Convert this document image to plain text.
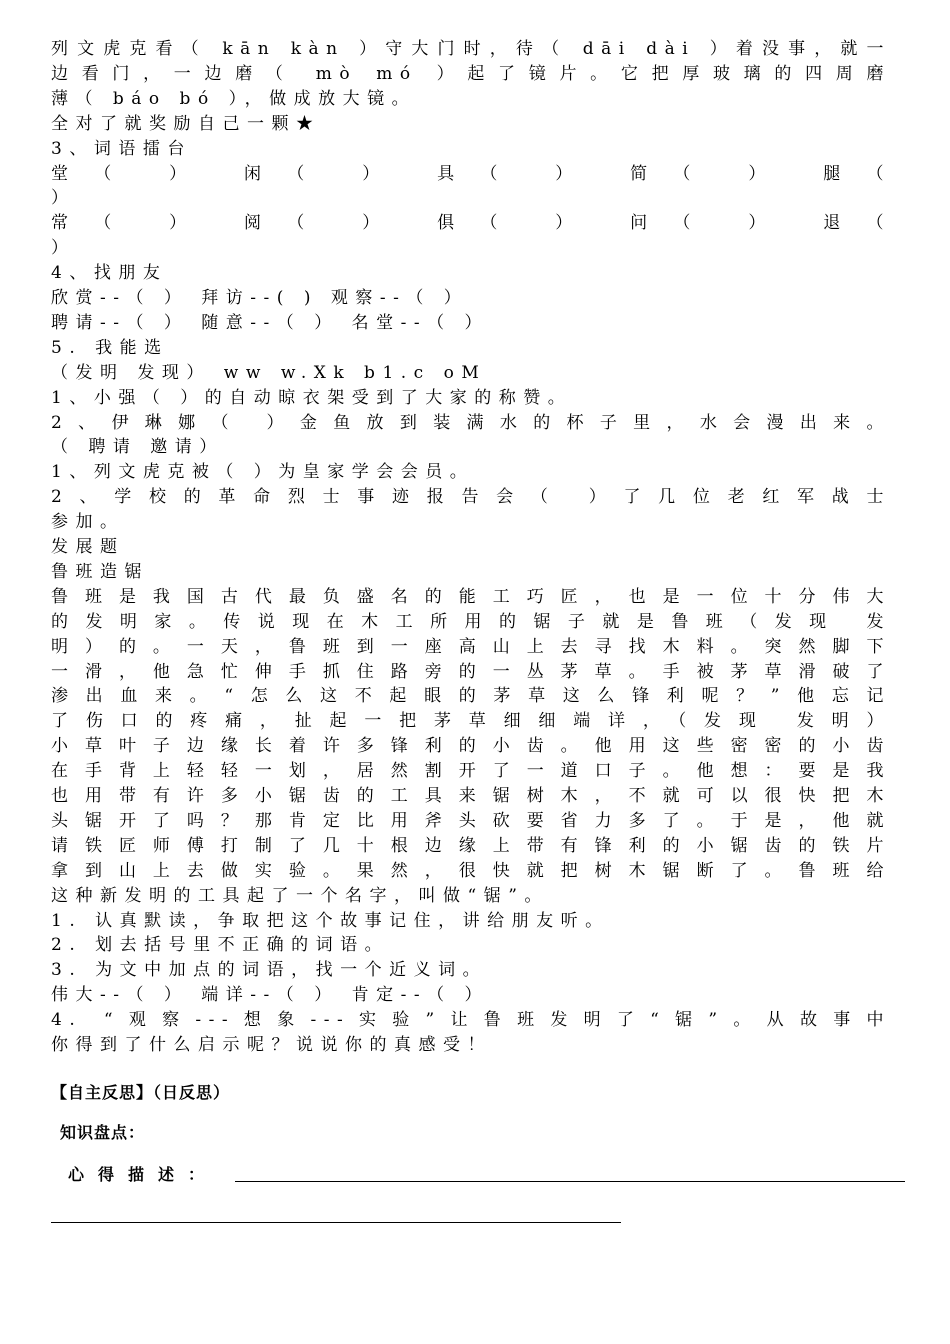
列文虎克看（ kān kàn ）守大门时，待（ dāi dài ）着没事，就一
边看门，一边磨（ mò mó ）起了镜片。它把厚玻璃的四周磨
薄（ báo bó ），做成放大镜。
全对了就奖励自己一颗★
3、词语擂台
堂（ ） 闲（ ） 具（ ） 简（ ） 腿（
）
常（ ） 阅（ ） 俱（ ） 问（ ） 退（
）
4、找朋友
欣赏--（ ） 拜访--( ) 观察--（ ）
聘请--（ ） 随意--（ ） 名堂--（ ）
5. 我能选
（发明 发现） ww w.Xk b1.c oM
1、小强（ ）的自动晾衣架受到了大家的称赞。
2、伊琳娜（ ）金鱼放到装满水的杯子里，水会漫出来。
（ 聘请 邀请）
1、列文虎克被（ ）为皇家学会会员。
2、学校的革命烈士事迹报告会（ ）了几位老红军战士
参加。
发展题
鲁班造锯
鲁班是我国古代最负盛名的能工巧匠，也是一位十分伟大
的发明家。传说现在木工所用的锯子就是鲁班（发现 发
明）的。一天，鲁班到一座高山上去寻找木料。突然脚下
一滑，他急忙伸手抓住路旁的一丛茅草。手被茅草滑破了
渗出血来。“怎么这不起眼的茅草这么锋利呢？”他忘记
了伤口的疼痛，扯起一把茅草细细端详，（发现 发明）
小草叶子边缘长着许多锋利的小齿。他用这些密密的小齿
在手背上轻轻一划，居然割开了一道口子。他想：要是我
也用带有许多小锯齿的工具来锯树木，不就可以很快把木
头锯开了吗？那肯定比用斧头砍要省力多了。于是，他就
请铁匠师傅打制了几十根边缘上带有锋利的小锯齿的铁片
拿到山上去做实验。果然，很快就把树木锯断了。鲁班给
这种新发明的工具起了一个名字，叫做“锯”。
1. 认真默读，争取把这个故事记住，讲给朋友听。
2. 划去括号里不正确的词语。
3. 为文中加点的词语，找一个近义词。
伟大--（ ） 端详--（ ） 肯定--（ ）
4. “观察---想象---实验”让鲁班发明了“锯”。从故事中
你得到了什么启示呢？说说你的真感受！
【自主反思】（日反思）
知识盘点：
心得描述：
